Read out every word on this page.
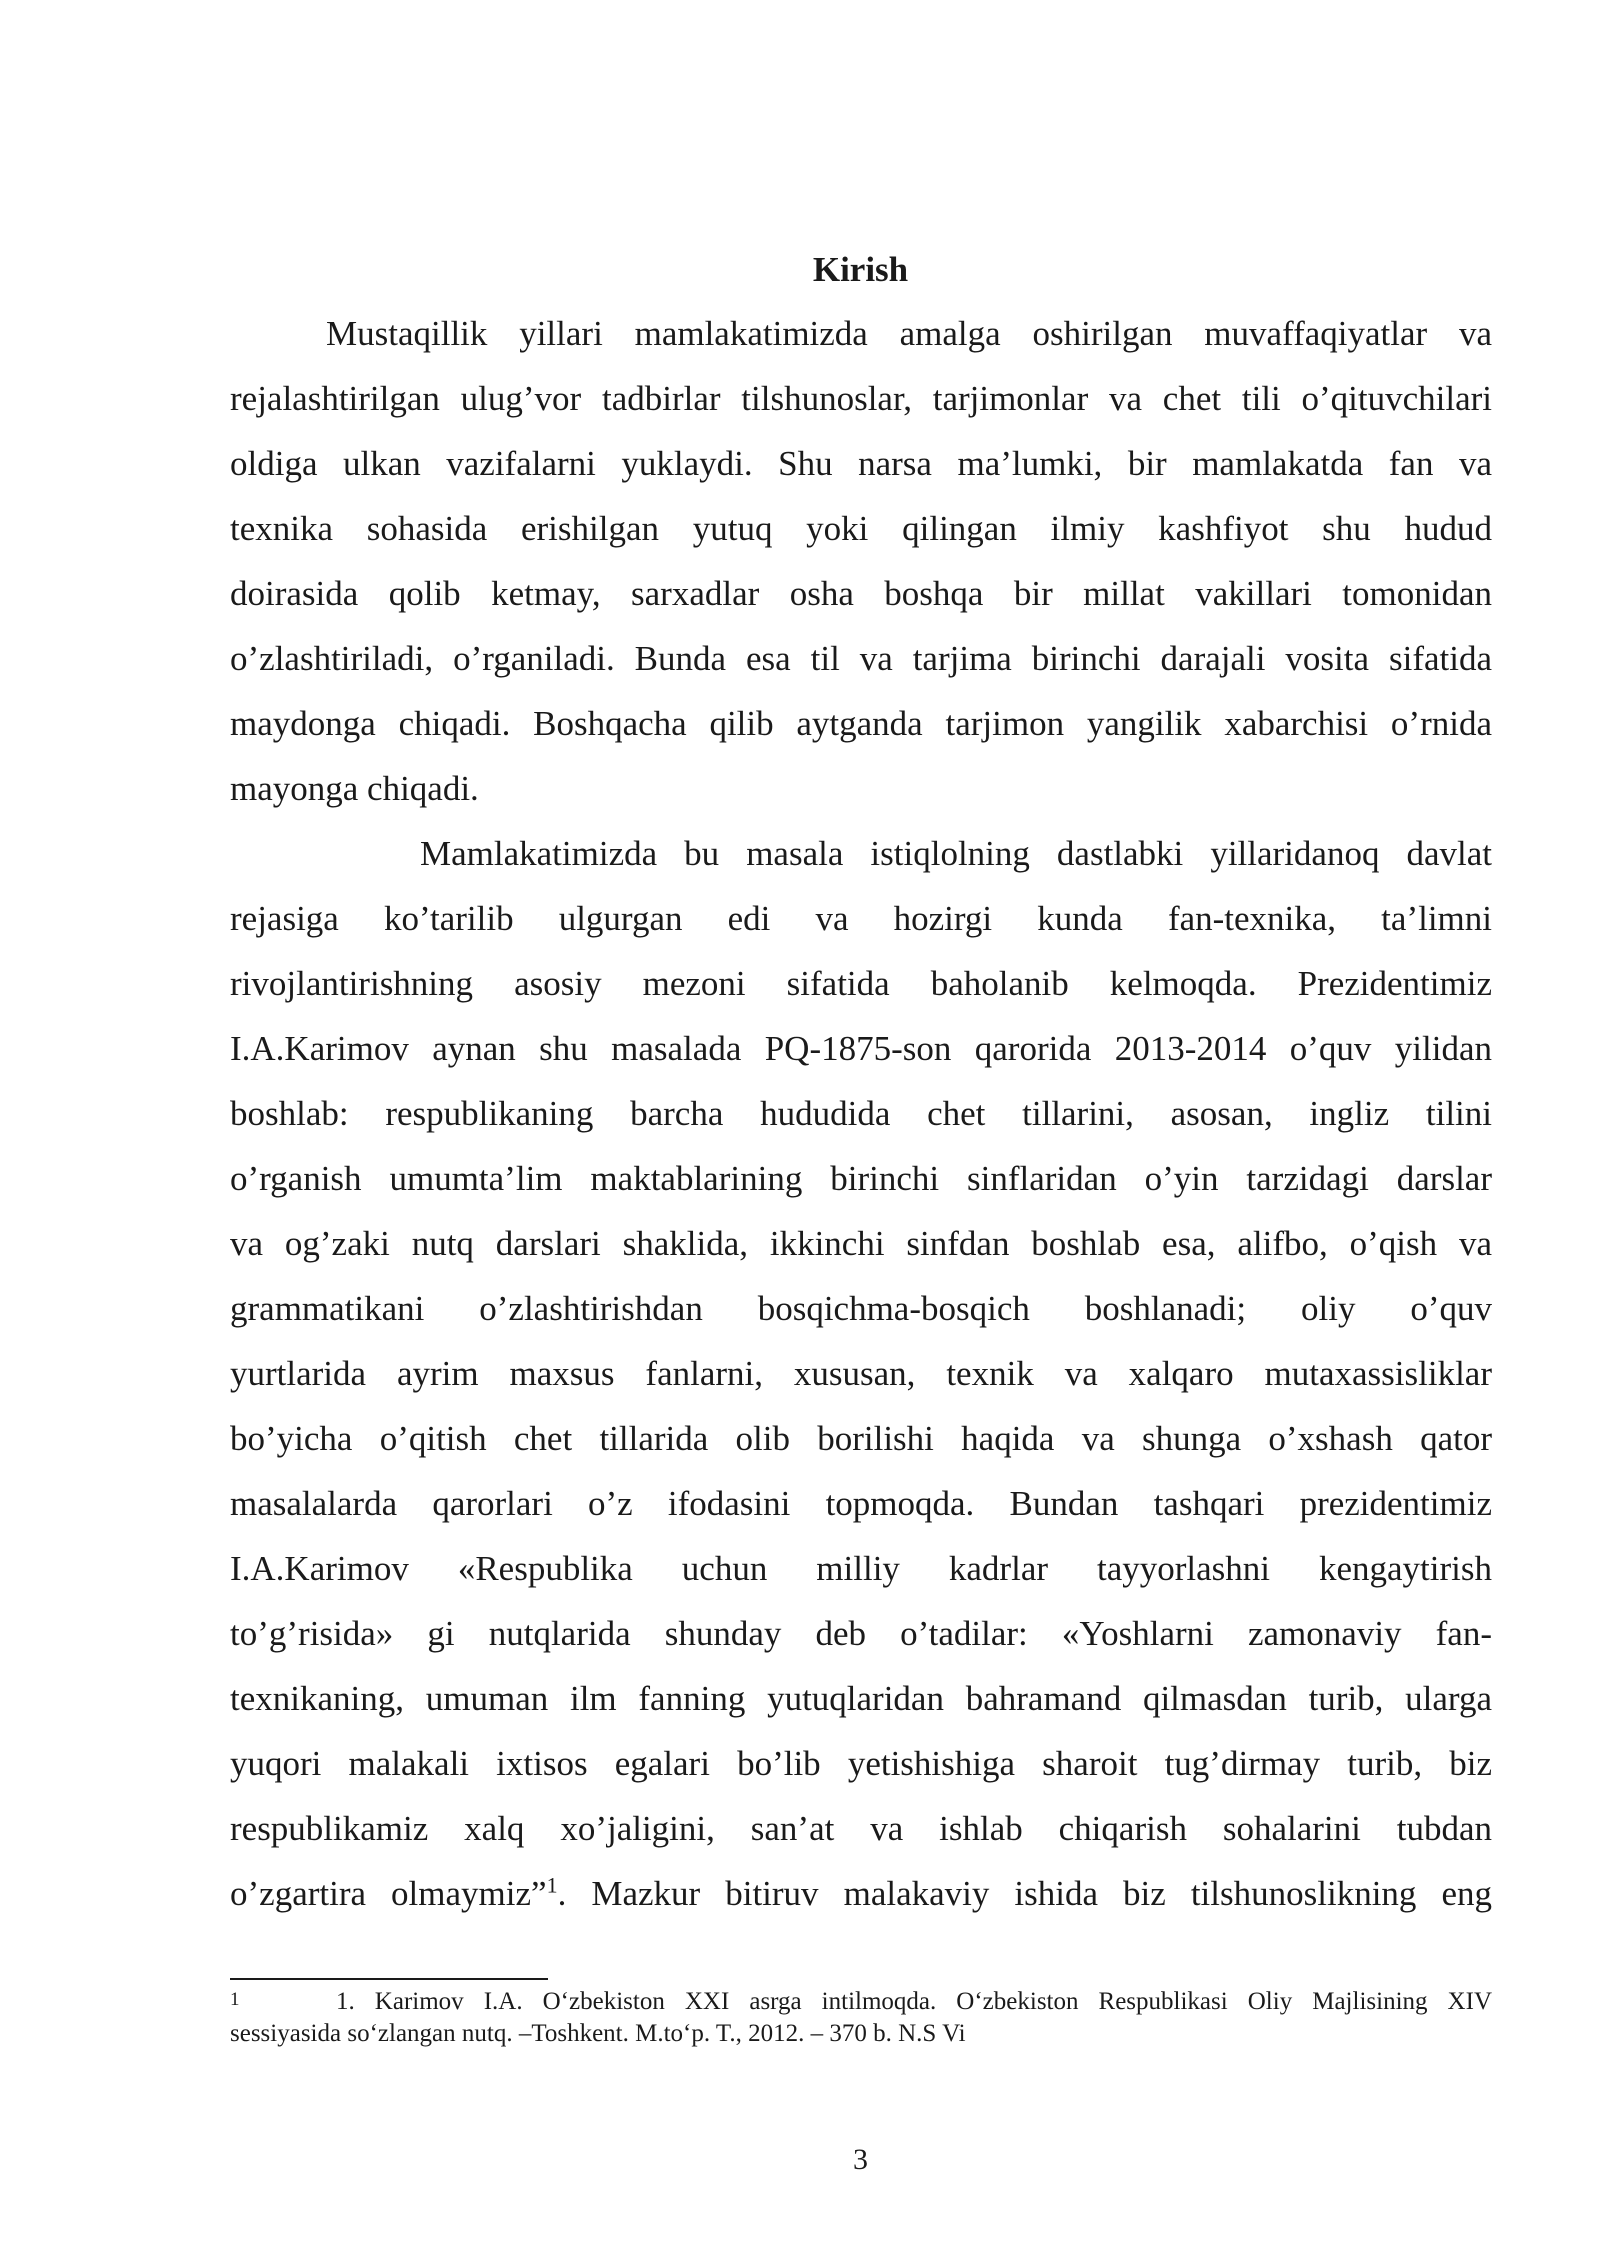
Kirish
Mustaqillik yillari mamlakatimizda amalga oshirilgan muvaffaqiyatlar va
rejalashtirilgan ulug’vor tadbirlar tilshunoslar, tarjimonlar va chet tili o’qituvchilari
oldiga ulkan vazifalarni yuklaydi. Shu narsa ma’lumki, bir mamlakatda fan va
texnika sohasida erishilgan yutuq yoki qilingan ilmiy kashfiyot shu hudud
doirasida qolib ketmay, sarxadlar osha boshqa bir millat vakillari tomonidan
o’zlashtiriladi, o’rganiladi. Bunda esa til va tarjima birinchi darajali vosita sifatida
maydonga chiqadi. Boshqacha qilib aytganda tarjimon yangilik xabarchisi o’rnida
mayonga chiqadi.
Mamlakatimizda bu masala istiqlolning dastlabki yillaridanoq davlat
rejasiga ko’tarilib ulgurgan edi va hozirgi kunda fan-texnika, ta’limni
rivojlantirishning asosiy mezoni sifatida baholanib kelmoqda. Prezidentimiz
I.A.Karimov aynan shu masalada PQ-1875-son qarorida 2013-2014 o’quv yilidan
boshlab: respublikaning barcha hududida chet tillarini, asosan, ingliz tilini
o’rganish umumta’lim maktablarining birinchi sinflaridan o’yin tarzidagi darslar
va og’zaki nutq darslari shaklida, ikkinchi sinfdan boshlab esa, alifbo, o’qish va
grammatikani o’zlashtirishdan bosqichma-bosqich boshlanadi; oliy o’quv
yurtlarida ayrim maxsus fanlarni, xususan, texnik va xalqaro mutaxassisliklar
bo’yicha o’qitish chet tillarida olib borilishi haqida va shunga o’xshash qator
masalalarda qarorlari o’z ifodasini topmoqda. Bundan tashqari prezidentimiz
I.A.Karimov «Respublika uchun milliy kadrlar tayyorlashni kengaytirish
to’g’risida» gi nutqlarida shunday deb o’tadilar: «Yoshlarni zamonaviy fan-
texnikaning, umuman ilm fanning yutuqlaridan bahramand qilmasdan turib, ularga
yuqori malakali ixtisos egalari bo’lib yetishishiga sharoit tug’dirmay turib, biz
respublikamiz xalq xo’jaligini, san’at va ishlab chiqarish sohalarini tubdan
o’zgartira olmaymiz”$^1$. Mazkur bitiruv malakaviy ishida biz tilshunoslikning eng
1	1. Karimov I.A. O‘zbekiston XXI asrga intilmoqda. O‘zbekiston Respublikasi Oliy Majlisining XIV
sessiyasida so‘zlangan nutq. –Toshkent. M.to‘p. T., 2012. – 370 b. N.S Vi
3
